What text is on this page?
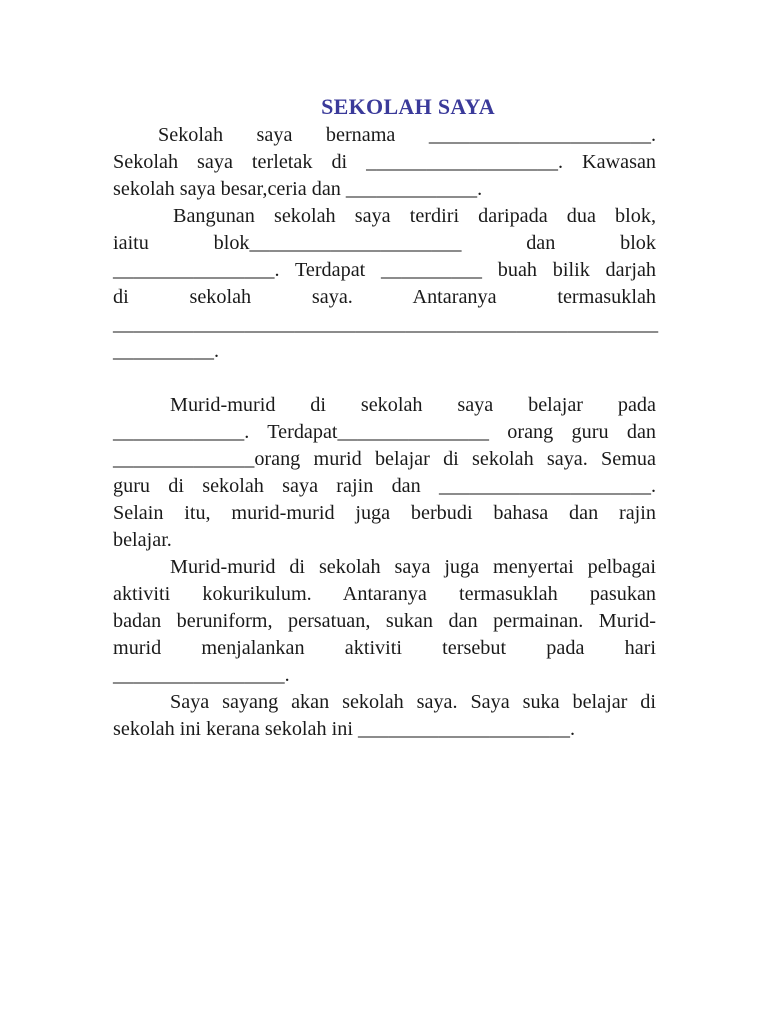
SEKOLAH SAYA

Sekolah saya bernama ______________________.
Sekolah saya terletak di ___________________. Kawasan
sekolah saya besar,ceria dan _____________.

Bangunan sekolah saya terdiri daripada dua blok,
iaitu blok_____________________ dan blok
________________. Terdapat __________ buah bilik darjah
di sekolah saya. Antaranya termasuklah
______________________________________________________
__________.

Murid-murid di sekolah saya belajar pada
_____________. Terdapat_______________ orang guru dan
______________orang murid belajar di sekolah saya. Semua
guru di sekolah saya rajin dan _____________________.
Selain itu, murid-murid juga berbudi bahasa dan rajin
belajar.

Murid-murid di sekolah saya juga menyertai pelbagai
aktiviti kokurikulum. Antaranya termasuklah pasukan
badan beruniform, persatuan, sukan dan permainan. Murid-
murid menjalankan aktiviti tersebut pada hari
_________________.

Saya sayang akan sekolah saya. Saya suka belajar di
sekolah ini kerana sekolah ini _____________________.
